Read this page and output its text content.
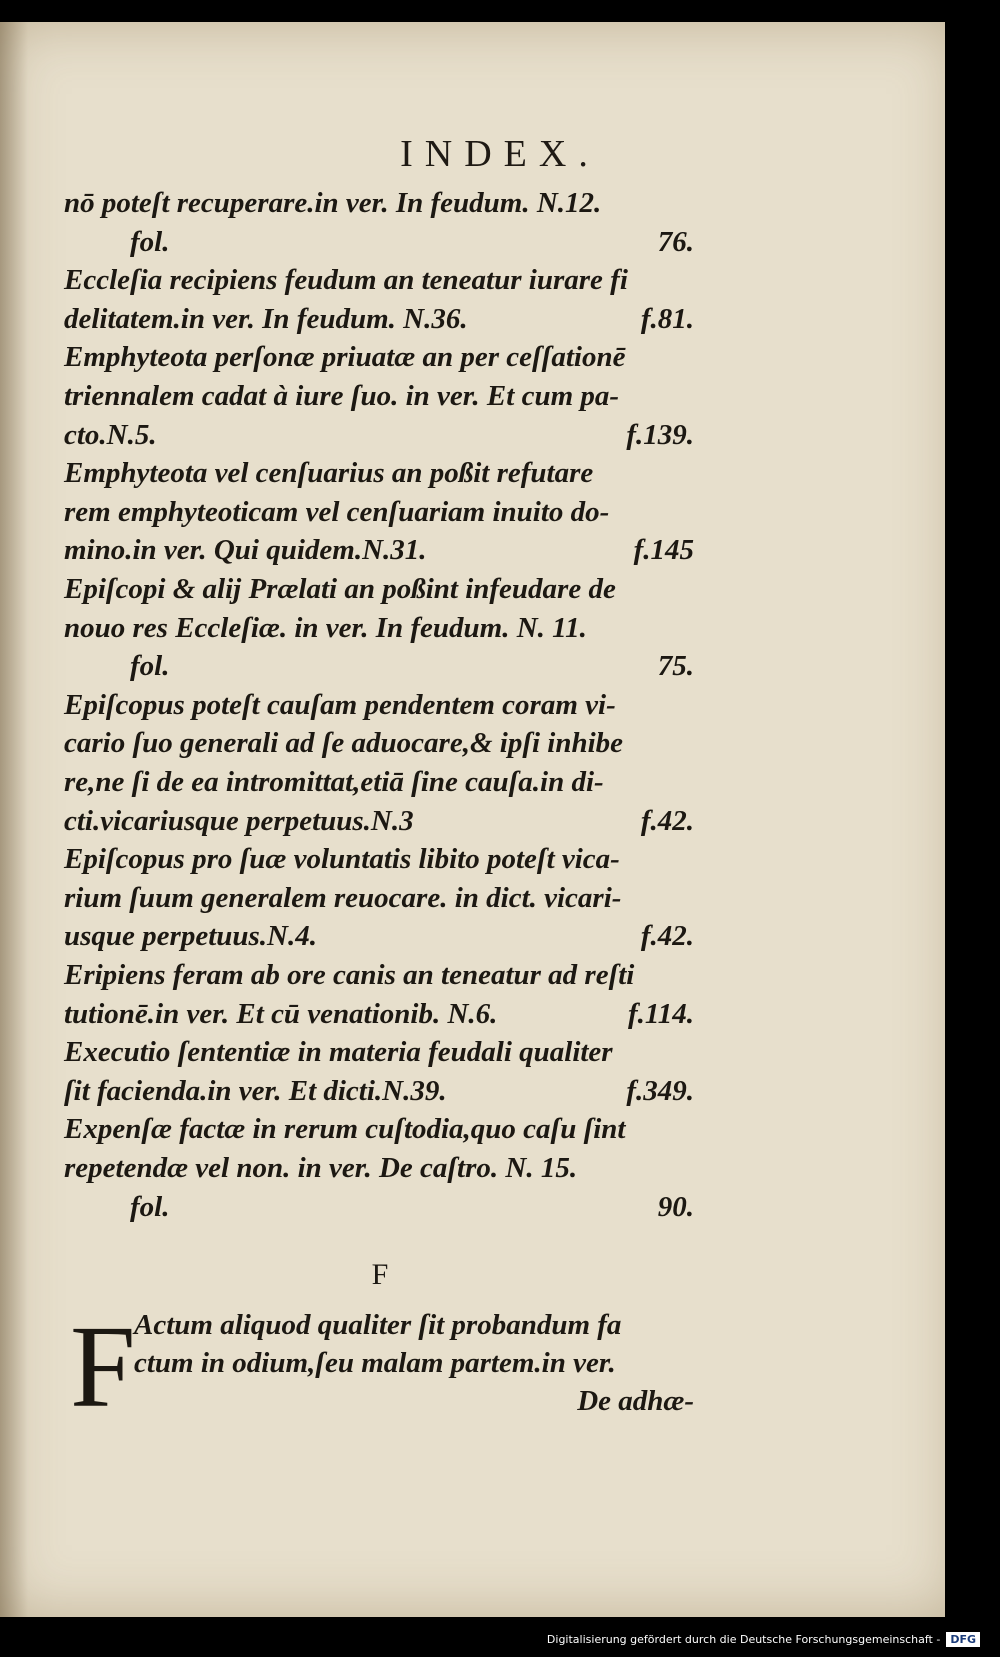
INDEX.
nō poteſt recuperare.in ver. In feudum. N.12.
fol.	76.
Eccleſia recipiens feudum an teneatur iurare fi
delitatem.in ver. In feudum. N.36.	f.81.
Emphyteota perſonæ priuatæ an per ceſſationē
triennalem cadat à iure ſuo. in ver. Et cum pa-
cto.N.5.	f.139.
Emphyteota vel cenſuarius an poßit refutare
rem emphyteoticam vel cenſuariam inuito do-
mino.in ver. Qui quidem.N.31.	f.145
Epiſcopi & alij Prælati an poßint infeudare de
nouo res Eccleſiæ. in ver. In feudum. N. 11.
fol.	75.
Epiſcopus poteſt cauſam pendentem coram vi-
cario ſuo generali ad ſe aduocare,& ipſi inhibe
re,ne ſi de ea intromittat,etiā ſine cauſa.in di-
cti.vicariusque perpetuus.N.3	f.42.
Epiſcopus pro ſuæ voluntatis libito poteſt vica-
rium ſuum generalem reuocare. in dict. vicari-
usque perpetuus.N.4.	f.42.
Eripiens feram ab ore canis an teneatur ad reſti
tutionē.in ver. Et cū venationib. N.6.	f.114.
Executio ſententiæ in materia feudali qualiter
ſit facienda.in ver. Et dicti.N.39.	f.349.
Expenſæ factæ in rerum cuſtodia,quo caſu ſint
repetendæ vel non. in ver. De caſtro. N. 15.
fol.	90.
F
F
Actum aliquod qualiter ſit probandum fa
ctum in odium,ſeu malam partem.in ver.
De adhæ-
Digitalisierung gefördert durch die Deutsche Forschungsgemeinschaft - DFG
